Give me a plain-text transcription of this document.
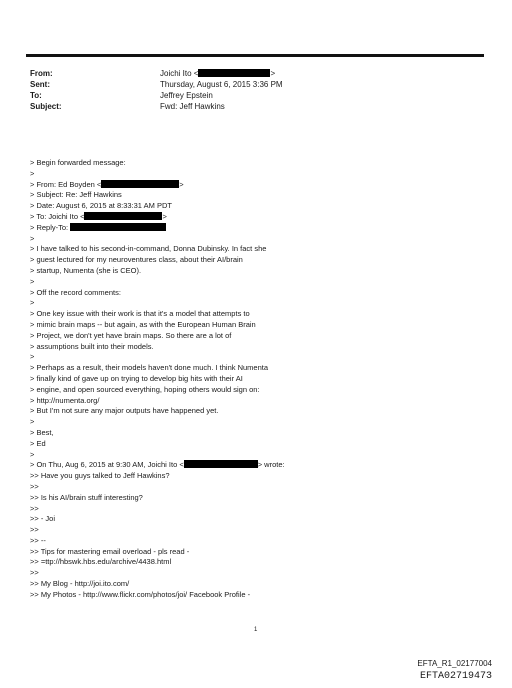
From:	Joichi Ito <	>
Sent:	Thursday, August 6, 2015 3:36 PM
To:	Jeffrey Epstein
Subject:	Fwd: Jeff Hawkins
> Begin forwarded message:
>
> From: Ed Boyden <	>
> Subject: Re: Jeff Hawkins
> Date: August 6, 2015 at 8:33:31 AM PDT
> To: Joichi Ito <	>
> Reply-To:
>
> I have talked to his second-in-command, Donna Dubinsky. In fact she
> guest lectured for my neuroventures class, about their AI/brain
> startup, Numenta (she is CEO).
>
> Off the record comments:
>
> One key issue with their work is that it's a model that attempts to
> mimic brain maps -- but again, as with the European Human Brain
> Project, we don't yet have brain maps. So there are a lot of
> assumptions built into their models.
>
> Perhaps as a result, their models haven't done much. I think Numenta
> finally kind of gave up on trying to develop big hits with their AI
> engine, and open sourced everything, hoping others would sign on:
> http://numenta.org/
> But I'm not sure any major outputs have happened yet.
>
> Best,
> Ed
>
> On Thu, Aug 6, 2015 at 9:30 AM, Joichi Ito <	> wrote:
>> Have you guys talked to Jeff Hawkins?
>>
>> Is his AI/brain stuff interesting?
>>
>> - Joi
>>
>> --
>> Tips for mastering email overload - pls read -
>> =ttp://hbswk.hbs.edu/archive/4438.html
>>
>> My Blog - http://joi.ito.com/
>> My Photos - http://www.flickr.com/photos/joi/ Facebook Profile -
1
EFTA_R1_02177004
EFTA02719473
